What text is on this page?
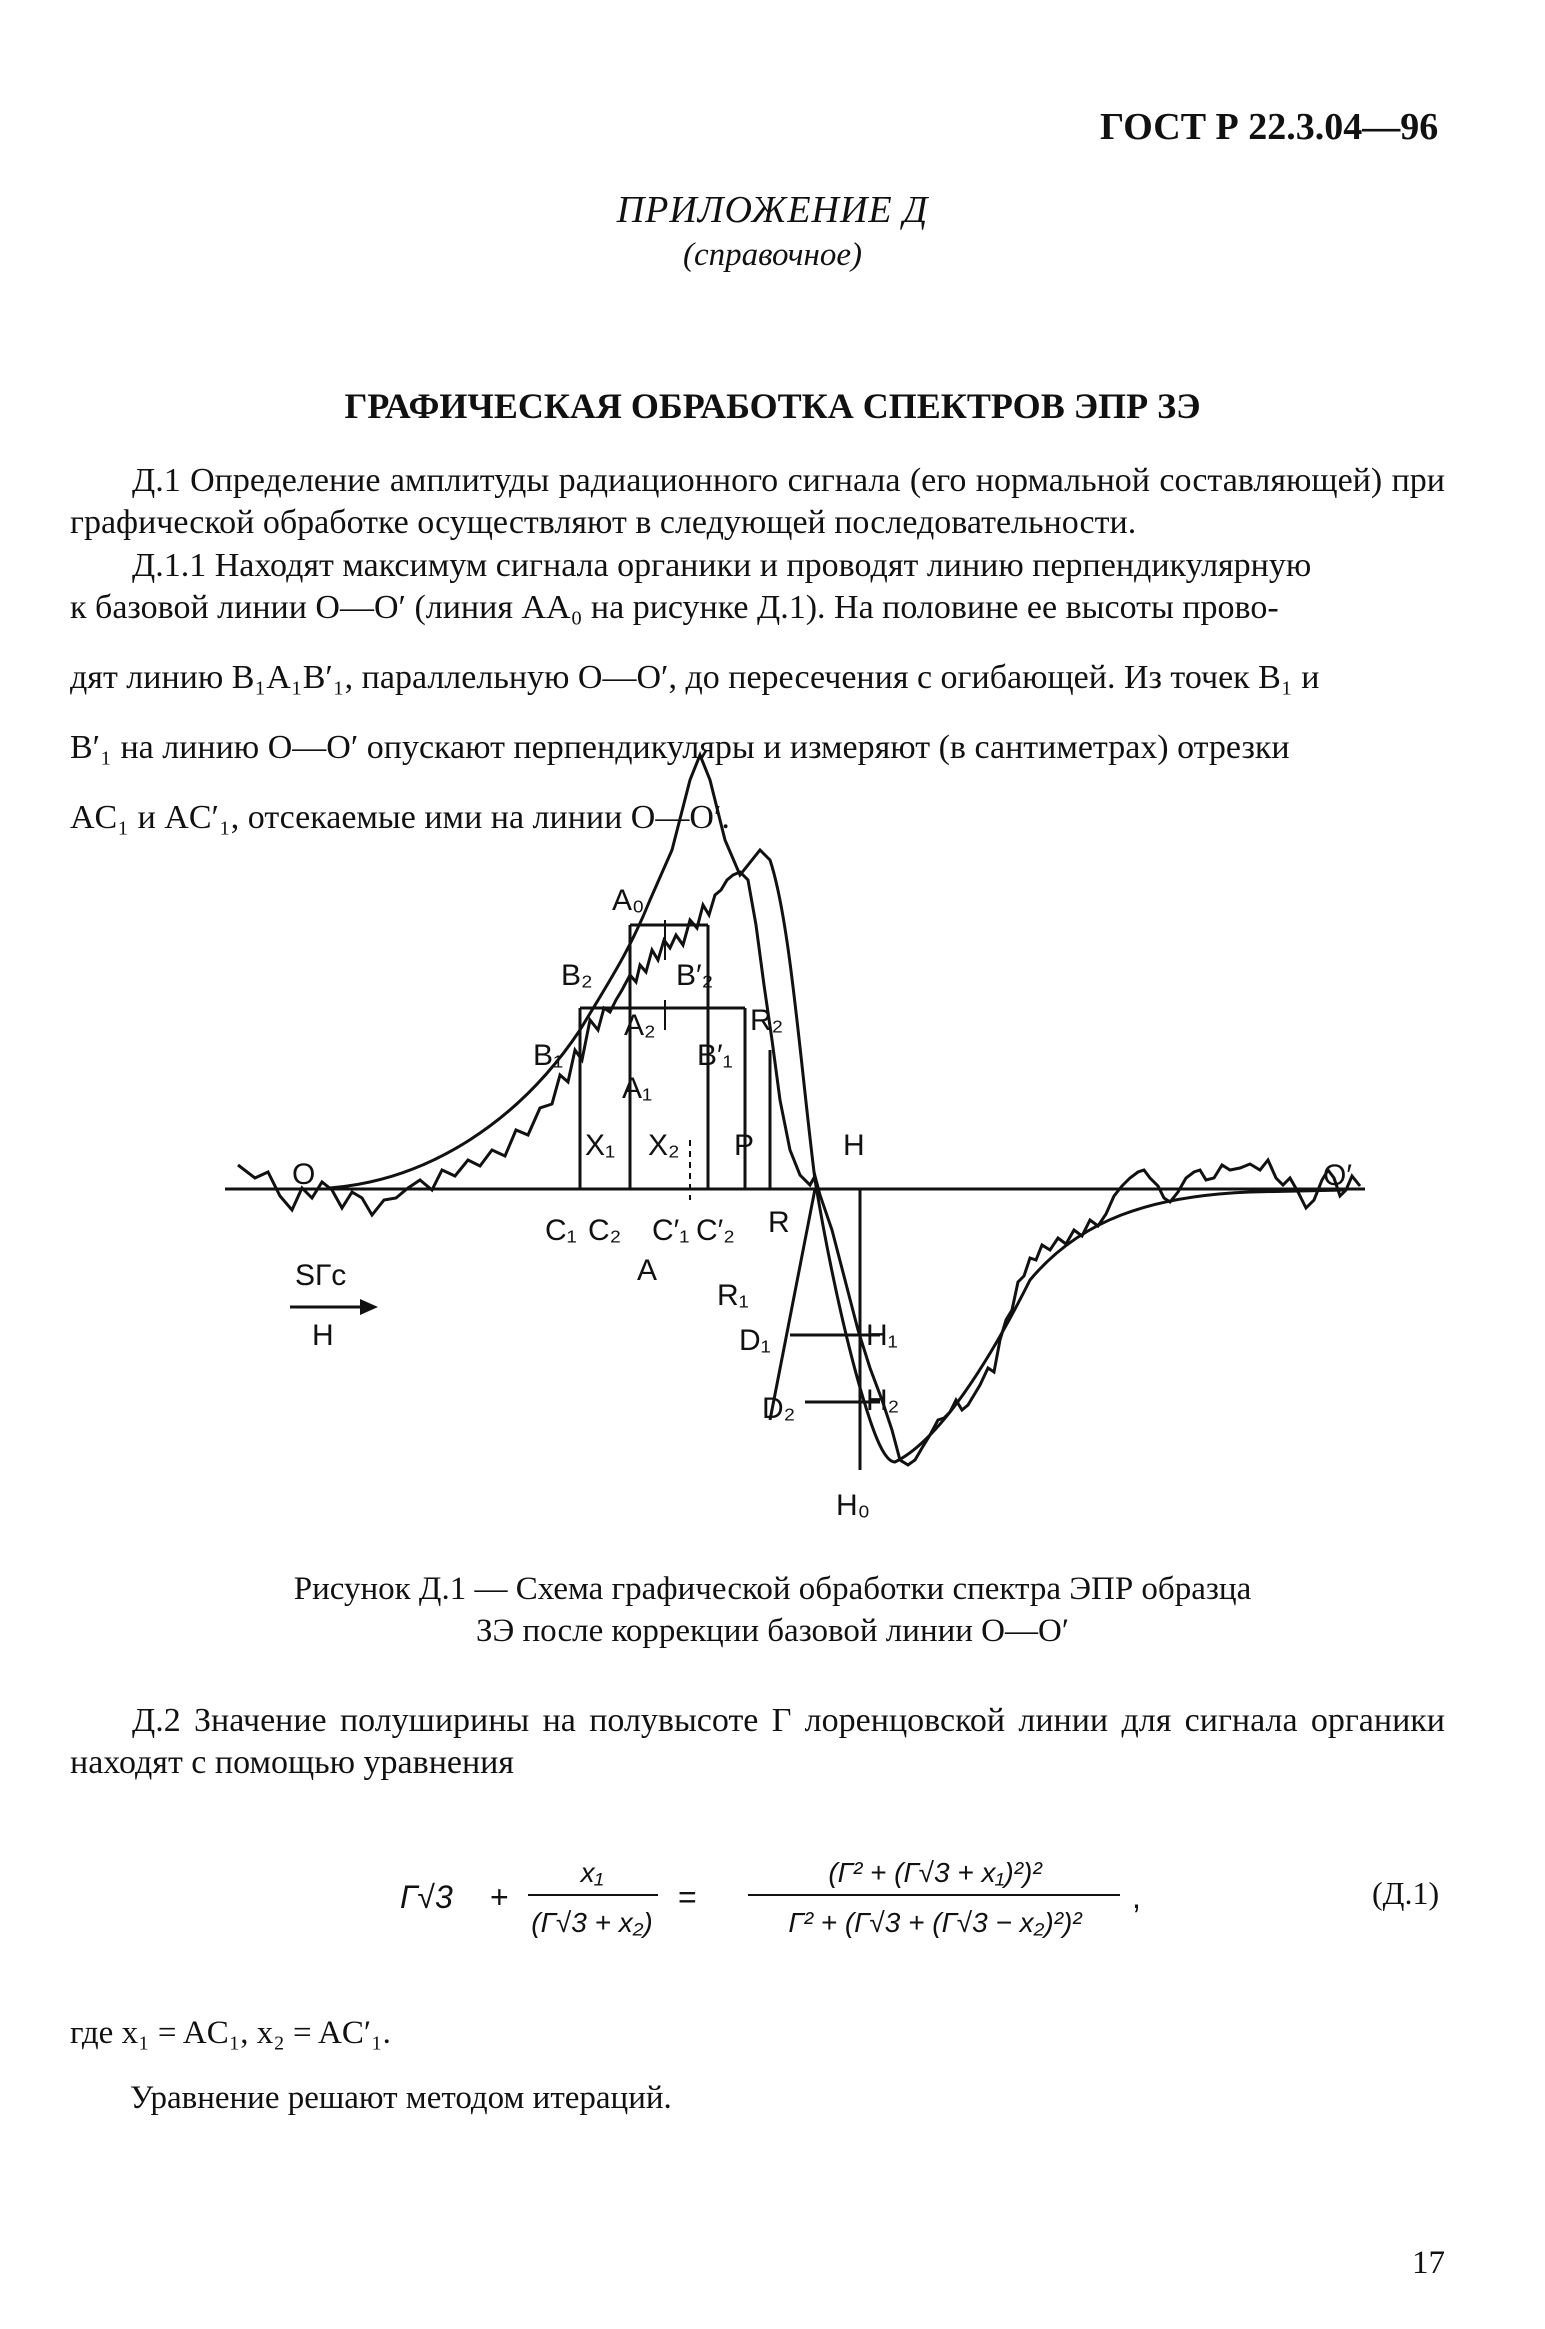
ГОСТ Р 22.3.04—96
ПРИЛОЖЕНИЕ Д
(справочное)
ГРАФИЧЕСКАЯ ОБРАБОТКА СПЕКТРОВ ЭПР ЗЭ
Д.1 Определение амплитуды радиационного сигнала (его нормальной составляющей) при графической обработке осуществляют в следующей последовательности.
Д.1.1 Находят максимум сигнала органики и проводят линию перпендикулярную
к базовой линии O—O′ (линия AA₀ на рисунке Д.1). На половине ее высоты прово-
дят линию B₁A₁B′₁, параллельную O—O′, до пересечения с огибающей. Из точек B₁ и
B′₁ на линию O—O′ опускают перпендикуляры и измеряют (в сантиметрах) отрезки
AC₁ и AC′₁, отсекаемые ими на линии O—O′.
A₀
B₂	B′₂
A₂	R₂
B₁	B′₁
A₁
O	O′
X₁ X₂ P	H
C₁ C₂ C′₁ C′₂ R
A
SГc
H
R₁
D₁	H₁
D₂ H₂
H₀
Рисунок Д.1 — Схема графической обработки спектра ЭПР образца
ЗЭ после коррекции базовой линии O—O′
Д.2 Значение полуширины на полувысоте Г лоренцовской линии для сигнала органики находят с помощью уравнения
Г√3 +
x₁
(Г√3 + x₂)
=
(Г² + (Г√3 + x₁)²)²
Г² + (Г√3 + (Г√3 − x₂)²)²
,	(Д.1)
где x₁ = AC₁, x₂ = AC′₁.
Уравнение решают методом итераций.
17
